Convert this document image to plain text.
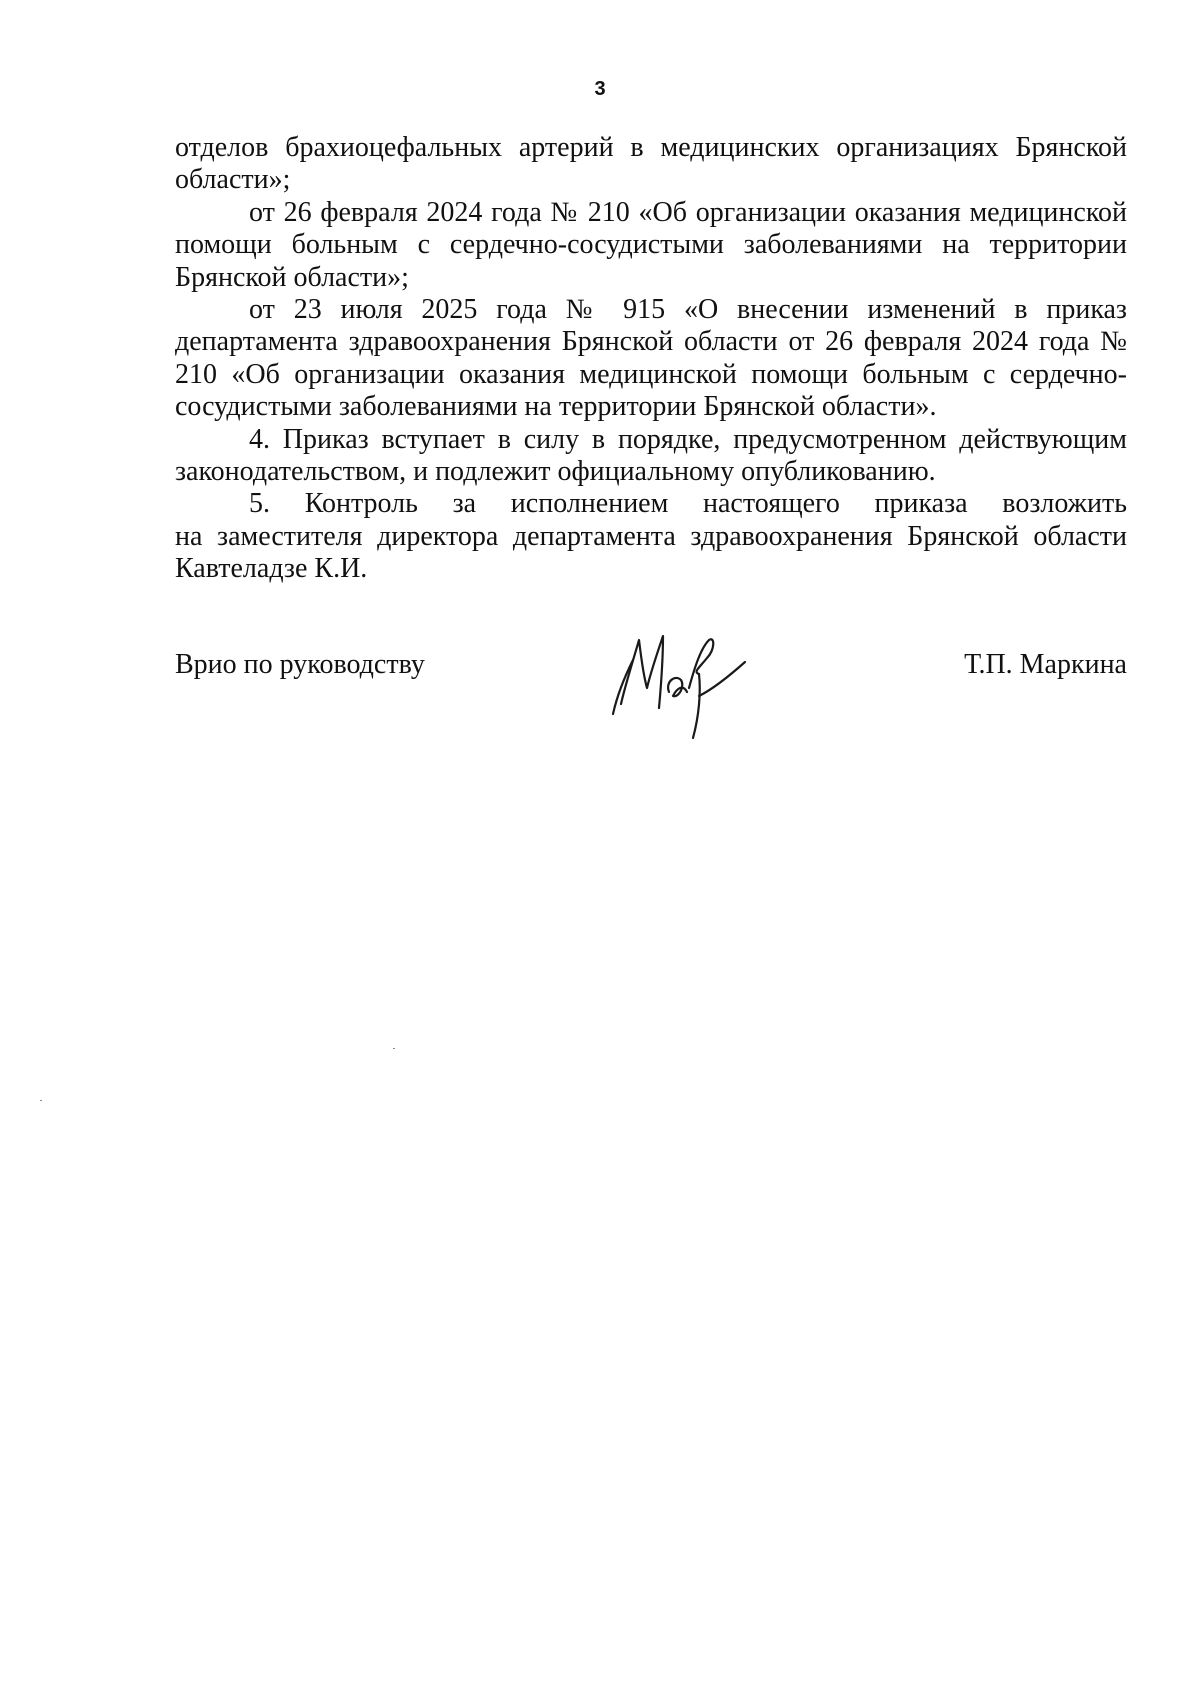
3

отделов брахиоцефальных артерий в медицинских организациях Брянской области»;

от 26 февраля 2024 года № 210 «Об организации оказания медицинской помощи больным с сердечно-сосудистыми заболеваниями на территории Брянской области»;

от 23 июля 2025 года № 915 «О внесении изменений в приказ департамента здравоохранения Брянской области от 26 февраля 2024 года № 210 «Об организации оказания медицинской помощи больным с сердечно-сосудистыми заболеваниями на территории Брянской области».

4. Приказ вступает в силу в порядке, предусмотренном действующим законодательством, и подлежит официальному опубликованию.

5. Контроль за исполнением настоящего приказа возложить

на заместителя директора департамента здравоохранения Брянской области Кавтеладзе К.И.

Врио по руководству	Т.П. Маркина
